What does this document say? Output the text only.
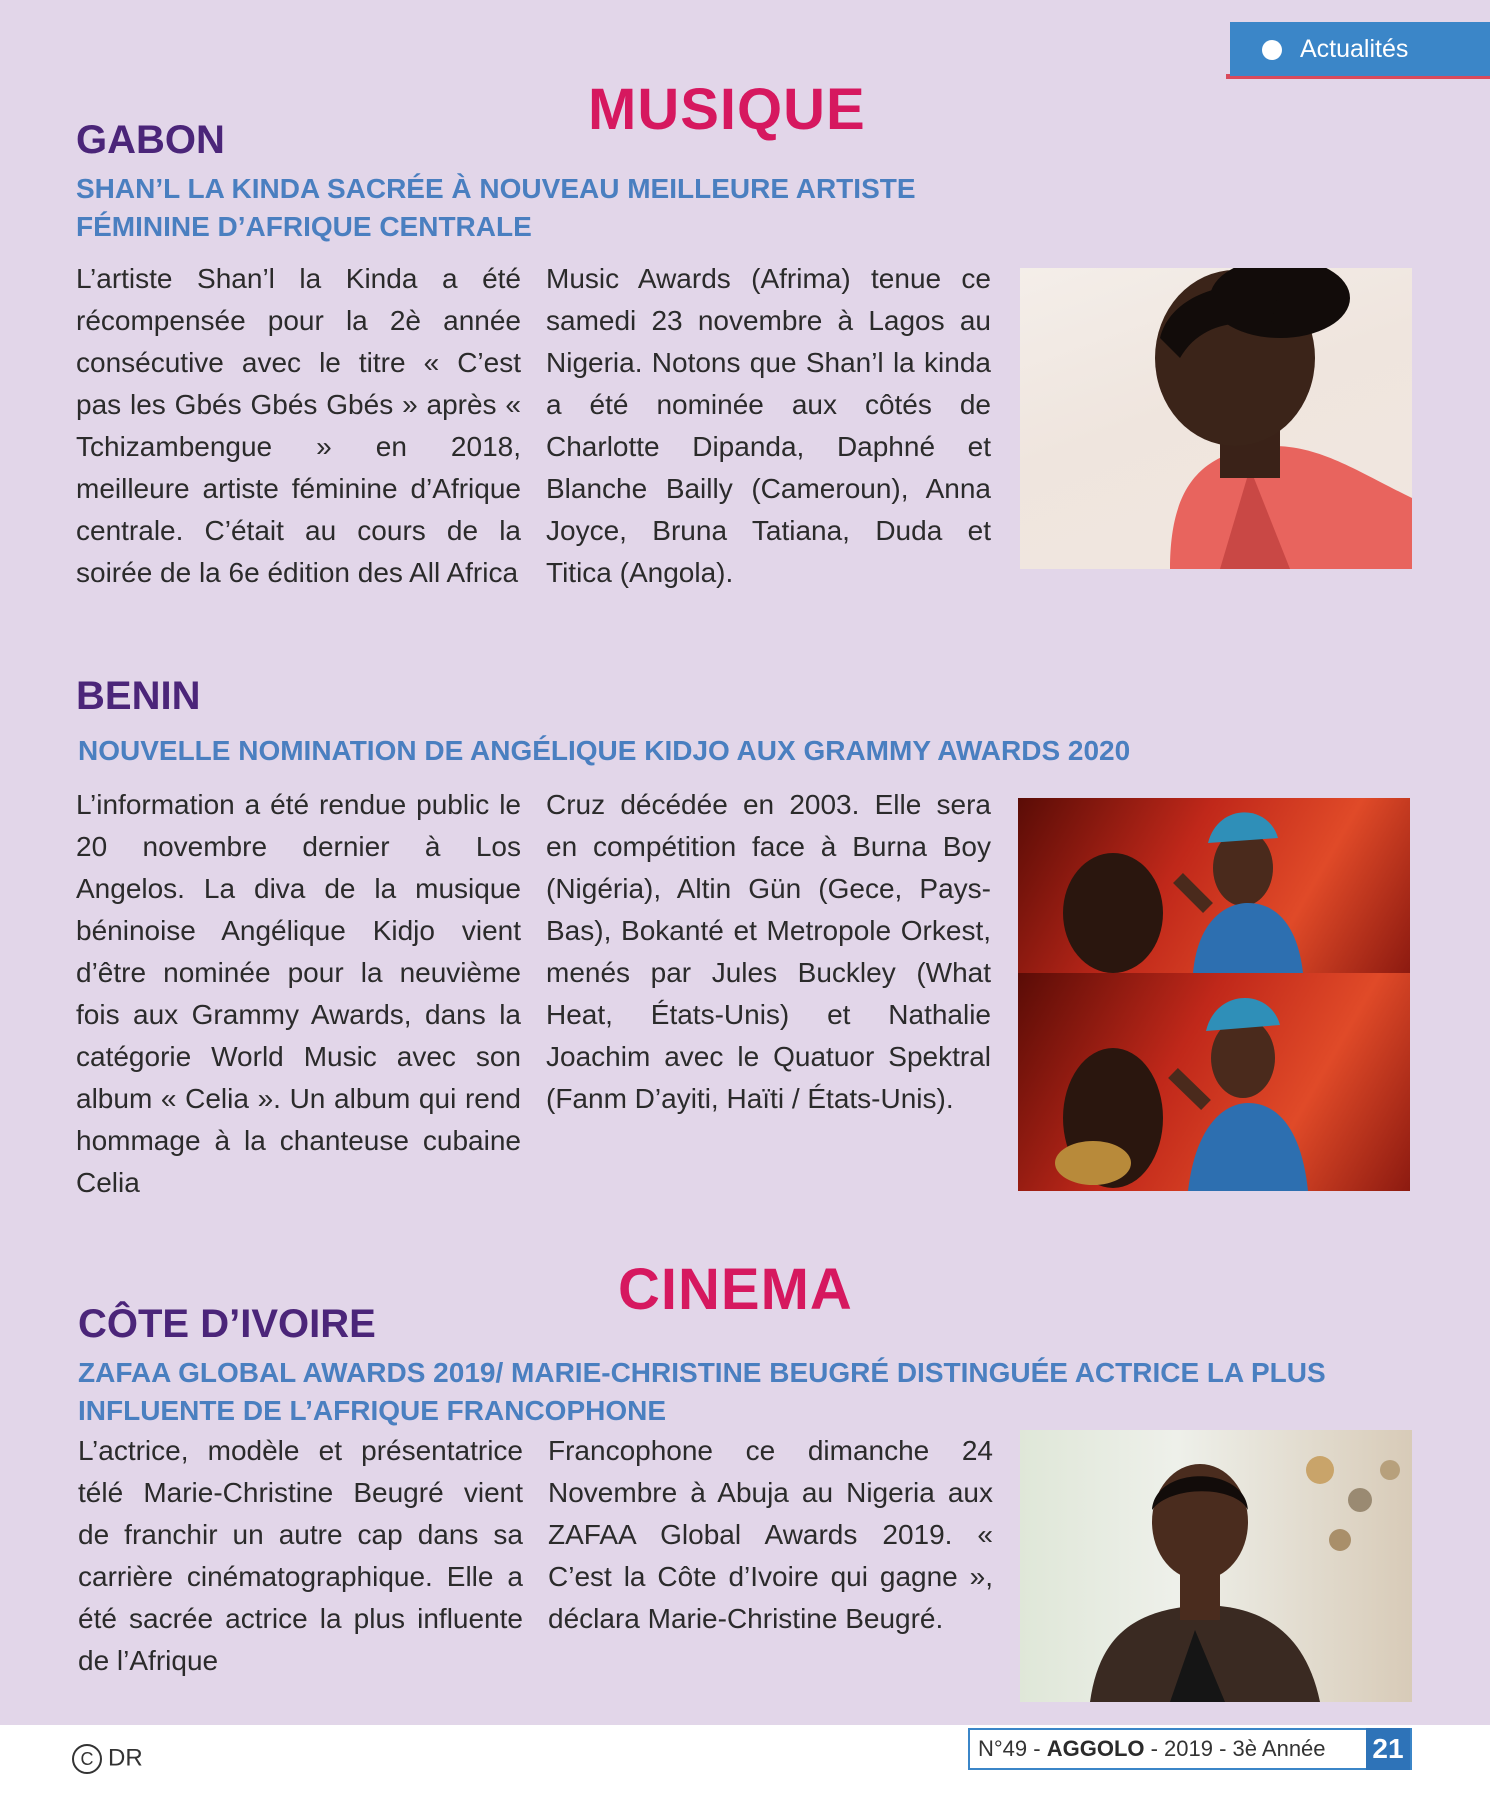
Actualités
MUSIQUE
GABON
SHAN’L LA KINDA SACRÉE À NOUVEAU MEILLEURE ARTISTE FÉMININE D’AFRIQUE CENTRALE
L’artiste Shan’l la Kinda a été récompensée pour la 2è année consécutive avec le titre « C’est pas les Gbés Gbés Gbés » après « Tchizambengue » en 2018, meilleure artiste féminine d’Afrique centrale. C’était au cours de la soirée de la 6e édition des All Africa
Music Awards (Afrima) tenue ce samedi 23 novembre à Lagos au Nigeria. Notons que Shan’l la kinda a été nominée aux côtés de Charlotte Dipanda, Daphné et Blanche Bailly (Cameroun), Anna Joyce, Bruna Tatiana, Duda et Titica (Angola).
BENIN
NOUVELLE NOMINATION DE ANGÉLIQUE KIDJO AUX GRAMMY AWARDS 2020
L’information a été rendue public le 20 novembre dernier à Los Angelos. La diva de la musique béninoise Angélique Kidjo vient d’être nominée pour la neuvième fois aux Grammy Awards, dans la catégorie World Music avec son album « Celia ». Un album qui rend hommage à la chanteuse cubaine Celia
Cruz décédée en 2003. Elle sera en compétition face à Burna Boy (Nigéria), Altin Gün (Gece, Pays-Bas), Bokanté et Metropole Orkest, menés par Jules Buckley (What Heat, États-Unis) et Nathalie Joachim avec le Quatuor Spektral (Fanm D’ayiti, Haïti / États-Unis).
CINEMA
CÔTE D’IVOIRE
ZAFAA GLOBAL AWARDS 2019/ MARIE-CHRISTINE BEUGRÉ DISTINGUÉE ACTRICE LA PLUS INFLUENTE DE L’AFRIQUE FRANCOPHONE
L’actrice, modèle et présentatrice télé Marie-Christine Beugré vient de franchir un autre cap dans sa carrière cinématographique. Elle a été sacrée actrice la plus influente de l’Afrique
Francophone ce dimanche 24 Novembre à Abuja au Nigeria aux ZAFAA Global Awards 2019. « C’est la Côte d’Ivoire qui gagne », déclara Marie-Christine Beugré.
C DR	N°49 - AGGOLO - 2019 - 3è Année	21
